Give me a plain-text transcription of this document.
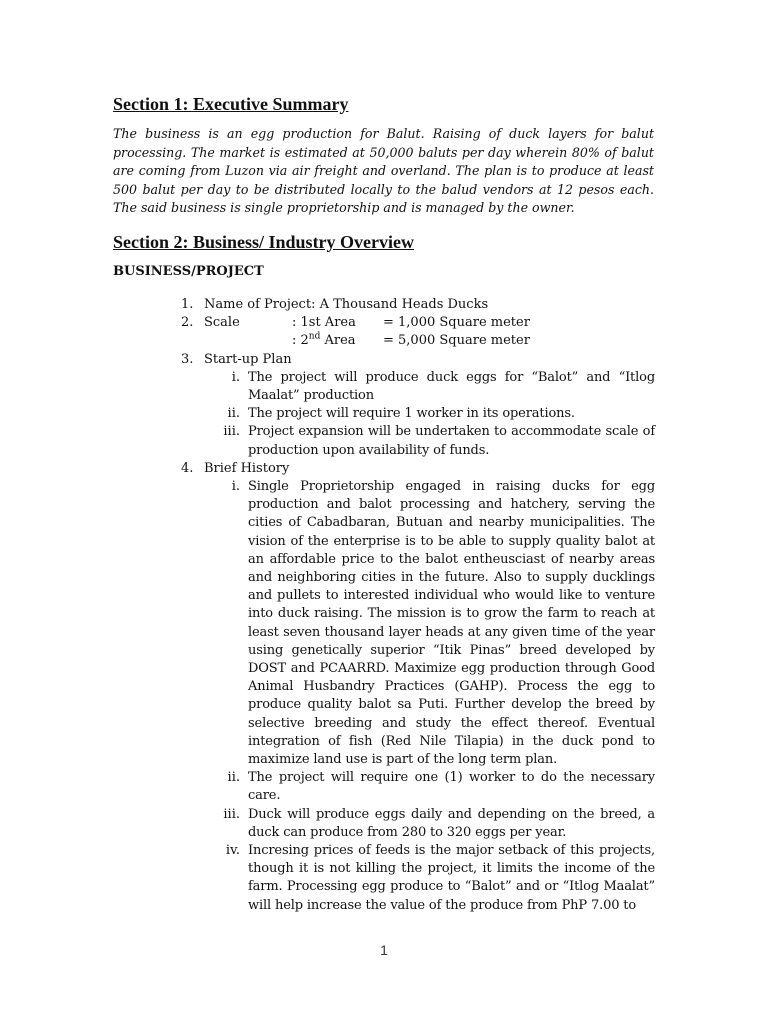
Section 1: Executive Summary

The business is an egg production for Balut. Raising of duck layers for balut processing. The market is estimated at 50,000 baluts per day wherein 80% of balut are coming from Luzon via air freight and overland. The plan is to produce at least 500 balut per day to be distributed locally to the balud vendors at 12 pesos each. The said business is single proprietorship and is managed by the owner.

Section 2: Business/ Industry Overview
BUSINESS/PROJECT
1. Name of Project: A Thousand Heads Ducks
2. Scale	: 1st Area = 1,000 Square meter
: 2nd Area = 5,000 Square meter
3. Start-up Plan
i. The project will produce duck eggs for “Balot” and “Itlog Maalat” production
ii. The project will require 1 worker in its operations.
iii. Project expansion will be undertaken to accommodate scale of production upon availability of funds.
4. Brief History
i. Single Proprietorship engaged in raising ducks for egg production and balot processing and hatchery, serving the cities of Cabadbaran, Butuan and nearby municipalities. The vision of the enterprise is to be able to supply quality balot at an affordable price to the balot entheusciast of nearby areas and neighboring cities in the future. Also to supply ducklings and pullets to interested individual who would like to venture into duck raising. The mission is to grow the farm to reach at least seven thousand layer heads at any given time of the year using genetically superior “Itik Pinas” breed developed by DOST and PCAARRD. Maximize egg production through Good Animal Husbandry Practices (GAHP). Process the egg to produce quality balot sa Puti. Further develop the breed by selective breeding and study the effect thereof. Eventual integration of fish (Red Nile Tilapia) in the duck pond to maximize land use is part of the long term plan.
ii. The project will require one (1) worker to do the necessary care.
iii. Duck will produce eggs daily and depending on the breed, a duck can produce from 280 to 320 eggs per year.
iv. Incresing prices of feeds is the major setback of this projects, though it is not killing the project, it limits the income of the farm. Processing egg produce to “Balot” and or “Itlog Maalat” will help increase the value of the produce from PhP 7.00 to
1
